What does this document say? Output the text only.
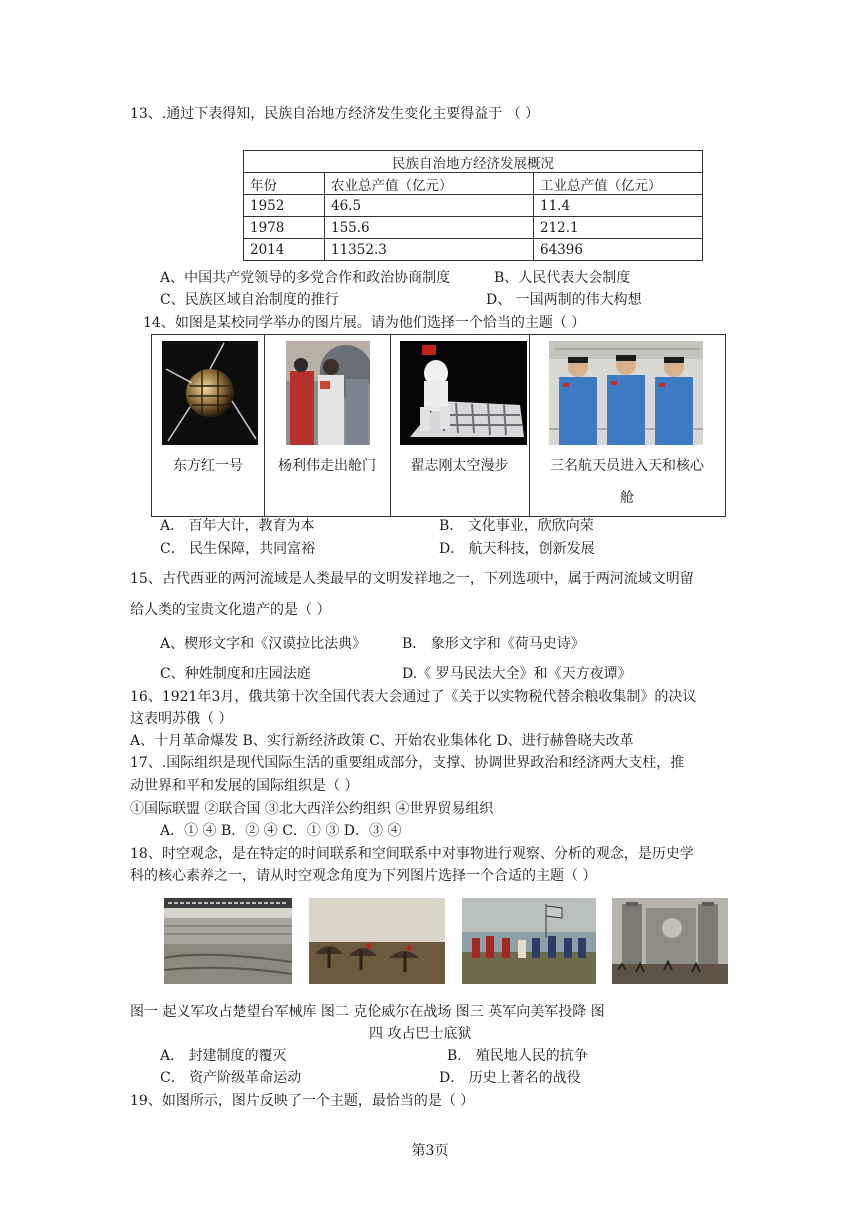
13、.通过下表得知，民族自治地方经济发生变化主要得益于 （ ）
民族自治地方经济发展概况		
年份	农业总产值（亿元）	工业总产值（亿元）
1952	46.5	11.4
1978	155.6	212.1
2014	11352.3	64396
A、中国共产党领导的多党合作和政治协商制度	B、人民代表大会制度
C、民族区域自治制度的推行	D、 一国两制的伟大构想
14、如图是某校同学举办的图片展。请为他们选择一个恰当的主题（ ）
东方红一号	杨利伟走出舱门	翟志刚太空漫步	三名航天员进入天和核心
舱
A． 百年大计，教育为本	B． 文化事业，欣欣向荣
C． 民生保障，共同富裕	D． 航天科技，创新发展
15、古代西亚的两河流域是人类最早的文明发祥地之一，下列选项中，属于两河流域文明留
给人类的宝贵文化遗产的是（ ）
A、楔形文字和《汉谟拉比法典》	B． 象形文字和《荷马史诗》
C、种姓制度和庄园法庭	D.《 罗马民法大全》和《天方夜谭》
16、1921年3月，俄共第十次全国代表大会通过了《关于以实物税代替余粮收集制》的决议
这表明苏俄（ ）
A、十月革命爆发 B、实行新经济政策 C、开始农业集体化 D、进行赫鲁晓夫改革
17、.国际组织是现代国际生活的重要组成部分，支撑、协调世界政治和经济两大支柱，推
动世界和平和发展的国际组织是（ ）
①国际联盟 ②联合国 ③北大西洋公约组织 ④世界贸易组织
A．① ④ B．② ④ C．① ③ D．③ ④
18、时空观念，是在特定的时间联系和空间联系中对事物进行观察、分析的观念，是历史学
科的核心素养之一，请从时空观念角度为下列图片选择一个合适的主题（ ）
图一 起义军攻占楚望台军械库 图二 克伦威尔在战场 图三 英军向美军投降 图
四 攻占巴士底狱
A． 封建制度的覆灭	B． 殖民地人民的抗争
C． 资产阶级革命运动	D． 历史上著名的战役
19、如图所示，图片反映了一个主题，最恰当的是（ ）
第3页
